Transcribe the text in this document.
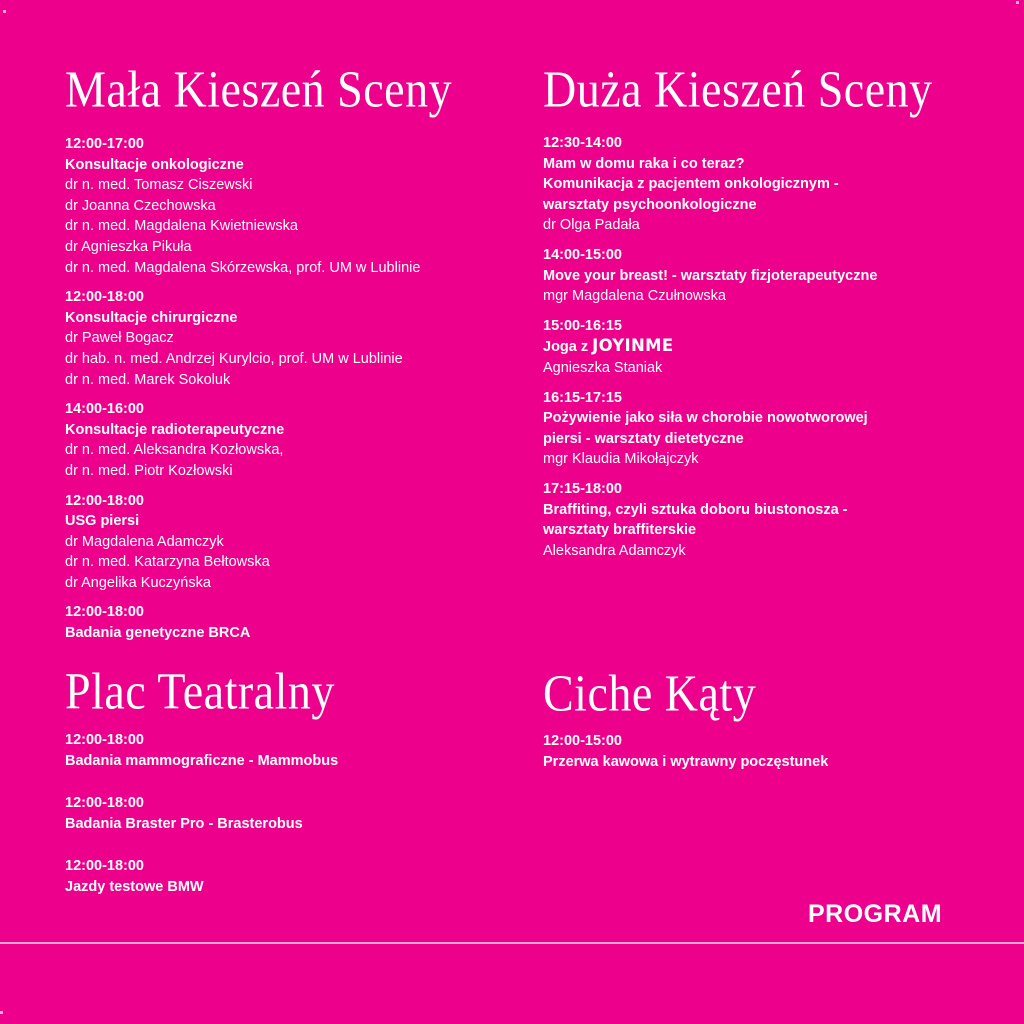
Mała Kieszeń Sceny
12:00-17:00
Konsultacje onkologiczne
dr n. med. Tomasz Ciszewski
dr Joanna Czechowska
dr n. med. Magdalena Kwietniewska
dr Agnieszka Pikuła
dr n. med. Magdalena Skórzewska, prof. UM w Lublinie
12:00-18:00
Konsultacje chirurgiczne
dr Paweł Bogacz
dr hab. n. med. Andrzej Kurylcio, prof. UM w Lublinie
dr n. med. Marek Sokoluk
14:00-16:00
Konsultacje radioterapeutyczne
dr n. med. Aleksandra Kozłowska,
dr n. med. Piotr Kozłowski
12:00-18:00
USG piersi
dr Magdalena Adamczyk
dr n. med. Katarzyna Bełtowska
dr Angelika Kuczyńska
12:00-18:00
Badania genetyczne BRCA
Duża Kieszeń Sceny
12:30-14:00
Mam w domu raka i co teraz?
Komunikacja z pacjentem onkologicznym -
warsztaty psychoonkologiczne
dr Olga Padała
14:00-15:00
Move your breast! - warsztaty fizjoterapeutyczne
mgr Magdalena Czułnowska
15:00-16:15
Joga z JOYINME
Agnieszka Staniak
16:15-17:15
Pożywienie jako siła w chorobie nowotworowej
piersi - warsztaty dietetyczne
mgr Klaudia Mikołajczyk
17:15-18:00
Braffiting, czyli sztuka doboru biustonosza -
warsztaty braffiterskie
Aleksandra Adamczyk
Plac Teatralny
12:00-18:00
Badania mammograficzne - Mammobus
12:00-18:00
Badania Braster Pro - Brasterobus
12:00-18:00
Jazdy testowe BMW
Ciche Kąty
12:00-15:00
Przerwa kawowa i wytrawny poczęstunek
PROGRAM
